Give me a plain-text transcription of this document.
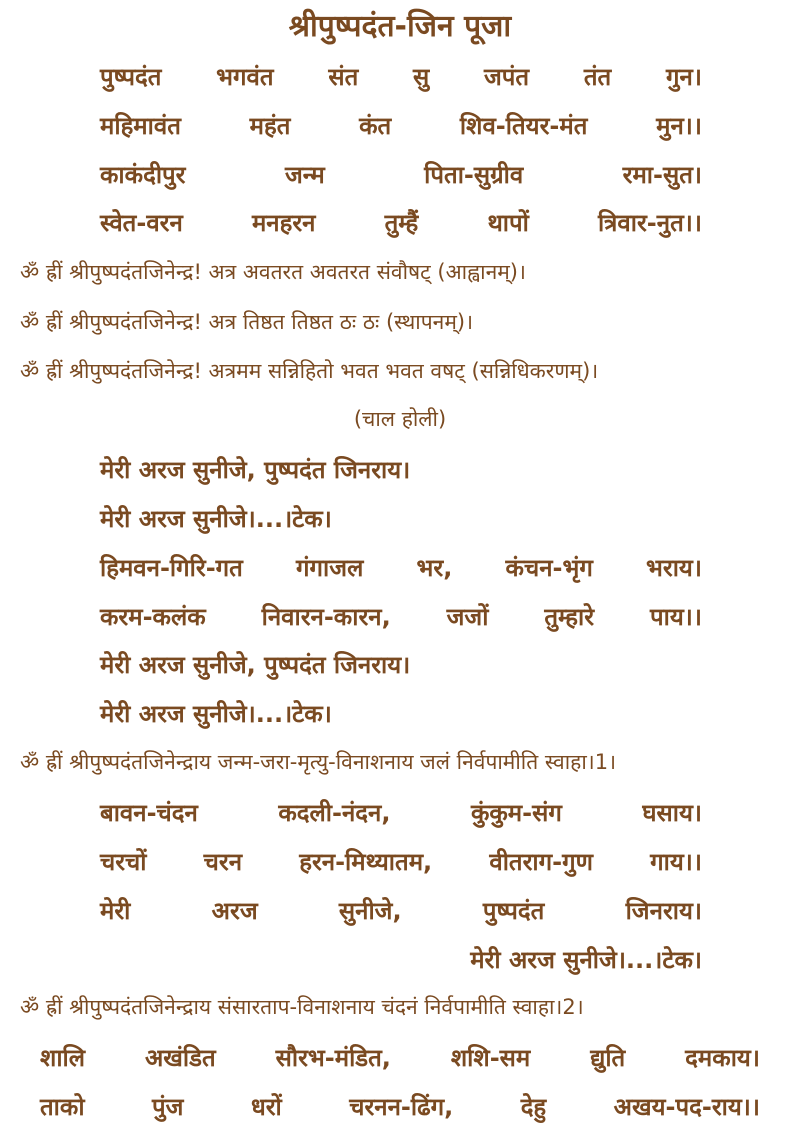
श्रीपुष्पदंत-जिन पूजा
पुष्पदंत भगवंत संत सु जपंत तंत गुन।
महिमावंत	महंत	कंत	शिव-तियर-मंत	मुन।।
काकंदीपुर	जन्म	पिता-सुग्रीव	रमा-सुत।
स्वेत-वरन	मनहरन	तुम्हैं	थापों	त्रिवार-नुत।।
ॐ ह्रीं श्रीपुष्पदंतजिनेन्द्र! अत्र अवतरत अवतरत संवौषट् (आह्वानम्)।
ॐ ह्रीं श्रीपुष्पदंतजिनेन्द्र! अत्र तिष्ठत तिष्ठत ठः ठः (स्थापनम्)।
ॐ ह्रीं श्रीपुष्पदंतजिनेन्द्र! अत्रमम सन्निहितो भवत भवत वषट् (सन्निधिकरणम्)।
(चाल होली)
मेरी अरज सुनीजे, पुष्पदंत जिनराय।
मेरी अरज सुनीजे।...।टेक।
हिमवन-गिरि-गत गंगाजल भर, कंचन-भृंग भराय।
करम-कलंक निवारन-कारन, जजों तुम्हारे पाय।।
मेरी अरज सुनीजे, पुष्पदंत जिनराय।
मेरी अरज सुनीजे।...।टेक।
ॐ ह्रीं श्रीपुष्पदंतजिनेन्द्राय जन्म-जरा-मृत्यु-विनाशनाय जलं निर्वपामीति स्वाहा।1।
बावन-चंदन	कदली-नंदन,	कुंकुम-संग	घसाय।
चरचों चरन हरन-मिथ्यातम, वीतराग-गुण गाय।।
मेरी	अरज	सुनीजे,	पुष्पदंत	जिनराय।
मेरी अरज सुनीजे।...।टेक।
ॐ ह्रीं श्रीपुष्पदंतजिनेन्द्राय संसारताप-विनाशनाय चंदनं निर्वपामीति स्वाहा।2।
शालि अखंडित सौरभ-मंडित, शशि-सम द्युति दमकाय।
ताको	पुंज	धरों	चरनन-ढिंग,	देहु	अखय-पद-राय।।
